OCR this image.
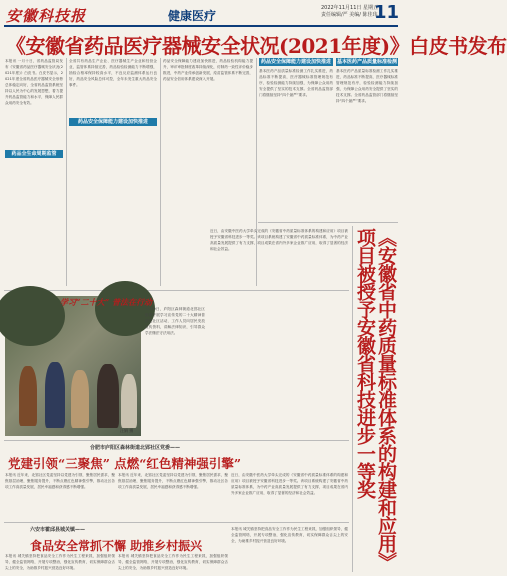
安徽科技报	健康医疗
2022年11月11日 星期五
责任编辑/严 美编/ 陈佳玮
11
《安徽省药品医疗器械安全状况(2021年度)》白皮书发布
本报讯 一月十日，省药品监管局发布《安徽省药品医疗器械安全状况(2021年度)》白皮书。白皮书显示，2021年度全省药品医疗器械安全形势总体稳定向好，全省药品监管系统坚持以人民为中心的发展思想，着力提升药品监管能力和水平，保障人民群众用药安全有效。
药品全生命周期监管
全省共有药品生产企业、医疗器械生产企业和经营企业，监管体系持续完善，药品检验检测能力不断增强，抽检合格率保持较高水平，不良反应监测体系运行良好，药品安全风险总体可控，全年未发生重大药品安全事件。
药品安全保障能力建设加快推进
药品安全保障能力建设加快推进，药品检验机构能力提升，审评审批制度改革持续深化，仿制药一致性评价稳步推进，中药产业传承创新发展，疫苗监管体系不断完善，药品安全信用体系建设深入开展。
药品安全保障能力建设加快推进
基本医药产品质量标准检测工作扎实推进，药品标准不断提高，医疗器械标准管理规范有序，检验检测能力持续加强，为保障公众用药安全提供了坚实的技术支撑。全省药品监管部门将继续坚持“四个最严”要求。
基本医药产品质量标准检测
基本医药产品质量标准检测工作扎实推进，药品标准不断提高，医疗器械标准管理规范有序，检验检测能力持续加强，为保障公众用药安全提供了坚实的技术支撑。全省药品监管部门将继续坚持“四个最严”要求。
学习“二十大” 普法在行动
11月9日，庐阳区森林街道北郢社区组织开展学习宣传党的二十大精神普法进社区活动，工作人员向居民发放宣传资料，讲解法律知识，引导群众学法懂法守法用法。
汪娟 摄
近日，由安徽中医药大学牵头完成的《安徽省中药质量标准体系的构建和应用》项目被授予安徽省科技进步一等奖。该项目系统构建了安徽省中药质量标准体系，为中药产业高质量发展提供了有力支撑，项目成果在省内外多家企业推广应用，取得了显著的经济和社会效益。
合肥市庐阳区森林街道北郢社区党委——
党建引领“三聚焦” 点燃“红色精神强引擎”
本报讯 近年来，北郢社区党委坚持以党建为引领，聚焦居民需求，聚焦基层治理，聚焦服务提升，不断点燃红色精神强引擎，推动社区各项工作高质量发展，居民幸福感和获得感不断增强。
本报讯 近年来，北郢社区党委坚持以党建为引领，聚焦居民需求，聚焦基层治理，聚焦服务提升，不断点燃红色精神强引擎，推动社区各项工作高质量发展，居民幸福感和获得感不断增强。
近日，由安徽中医药大学牵头完成的《安徽省中药质量标准体系的构建和应用》项目被授予安徽省科技进步一等奖。该项目系统构建了安徽省中药质量标准体系，为中药产业高质量发展提供了有力支撑，项目成果在省内外多家企业推广应用，取得了显著的经济和社会效益。
六安市霍邱县城关镇——
食品安全常抓不懈 助推乡村振兴
本报讯 城关镇坚持把食品安全工作作为民生工程来抓，加强组织领导，健全监管网络，开展专项整治，强化宣传教育，切实保障群众舌尖上的安全，为助推乡村振兴营造良好环境。
本报讯 城关镇坚持把食品安全工作作为民生工程来抓，加强组织领导，健全监管网络，开展专项整治，强化宣传教育，切实保障群众舌尖上的安全，为助推乡村振兴营造良好环境。
本报讯 城关镇坚持把食品安全工作作为民生工程来抓，加强组织领导，健全监管网络，开展专项整治，强化宣传教育，切实保障群众舌尖上的安全，为助推乡村振兴营造良好环境。	《安徽省中药质量标准体系的构建和应用》项目被授予安徽省科技进步一等奖
